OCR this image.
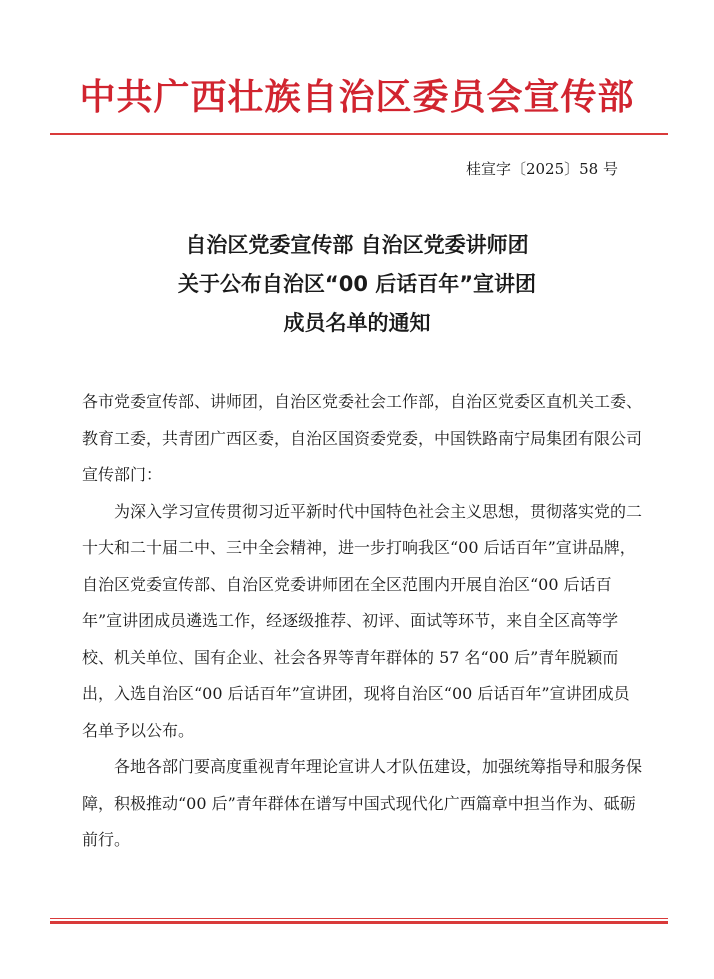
中共广西壮族自治区委员会宣传部
桂宣字〔2025〕58 号
自治区党委宣传部 自治区党委讲师团
关于公布自治区“00 后话百年”宣讲团
成员名单的通知

各市党委宣传部、讲师团，自治区党委社会工作部，自治区党委区直机关工委、教育工委，共青团广西区委，自治区国资委党委，中国铁路南宁局集团有限公司宣传部门：

为深入学习宣传贯彻习近平新时代中国特色社会主义思想，贯彻落实党的二十大和二十届二中、三中全会精神，进一步打响我区“00 后话百年”宣讲品牌，自治区党委宣传部、自治区党委讲师团在全区范围内开展自治区“00 后话百年”宣讲团成员遴选工作，经逐级推荐、初评、面试等环节，来自全区高等学校、机关单位、国有企业、社会各界等青年群体的 57 名“00 后”青年脱颖而出，入选自治区“00 后话百年”宣讲团，现将自治区“00 后话百年”宣讲团成员名单予以公布。

各地各部门要高度重视青年理论宣讲人才队伍建设，加强统筹指导和服务保障，积极推动“00 后”青年群体在谱写中国式现代化广西篇章中担当作为、砥砺前行。
